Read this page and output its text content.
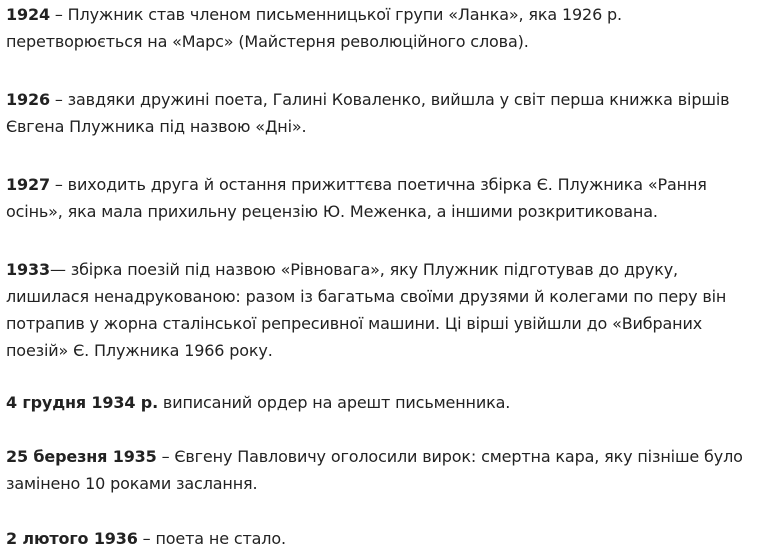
1924 – Плужник став членом письменницької групи «Ланка», яка 1926 р. перетворюється на «Марс» (Майстерня революційного слова).

1926 – завдяки дружині поета, Галині Коваленко, вийшла у світ перша книжка віршів Євгена Плужника під назвою «Дні».

1927 – виходить друга й остання прижиттєва поетична збірка Є. Плужника «Рання осінь», яка мала прихильну рецензію Ю. Меженка, а іншими розкритикована.

1933— збірка поезій під назвою «Рівновага», яку Плужник підготував до друку, лишилася ненадрукованою: разом із багатьма своїми друзями й колегами по перу він потрапив у жорна сталінської репресивної машини. Ці вірші увійшли до «Вибраних поезій» Є. Плужника 1966 року.

4 грудня 1934 р. виписаний ордер на арешт письменника.

25 березня 1935 – Євгену Павловичу оголосили вирок: смертна кара, яку пізніше було замінено 10 роками заслання.

2 лютого 1936 – поета не стало.
